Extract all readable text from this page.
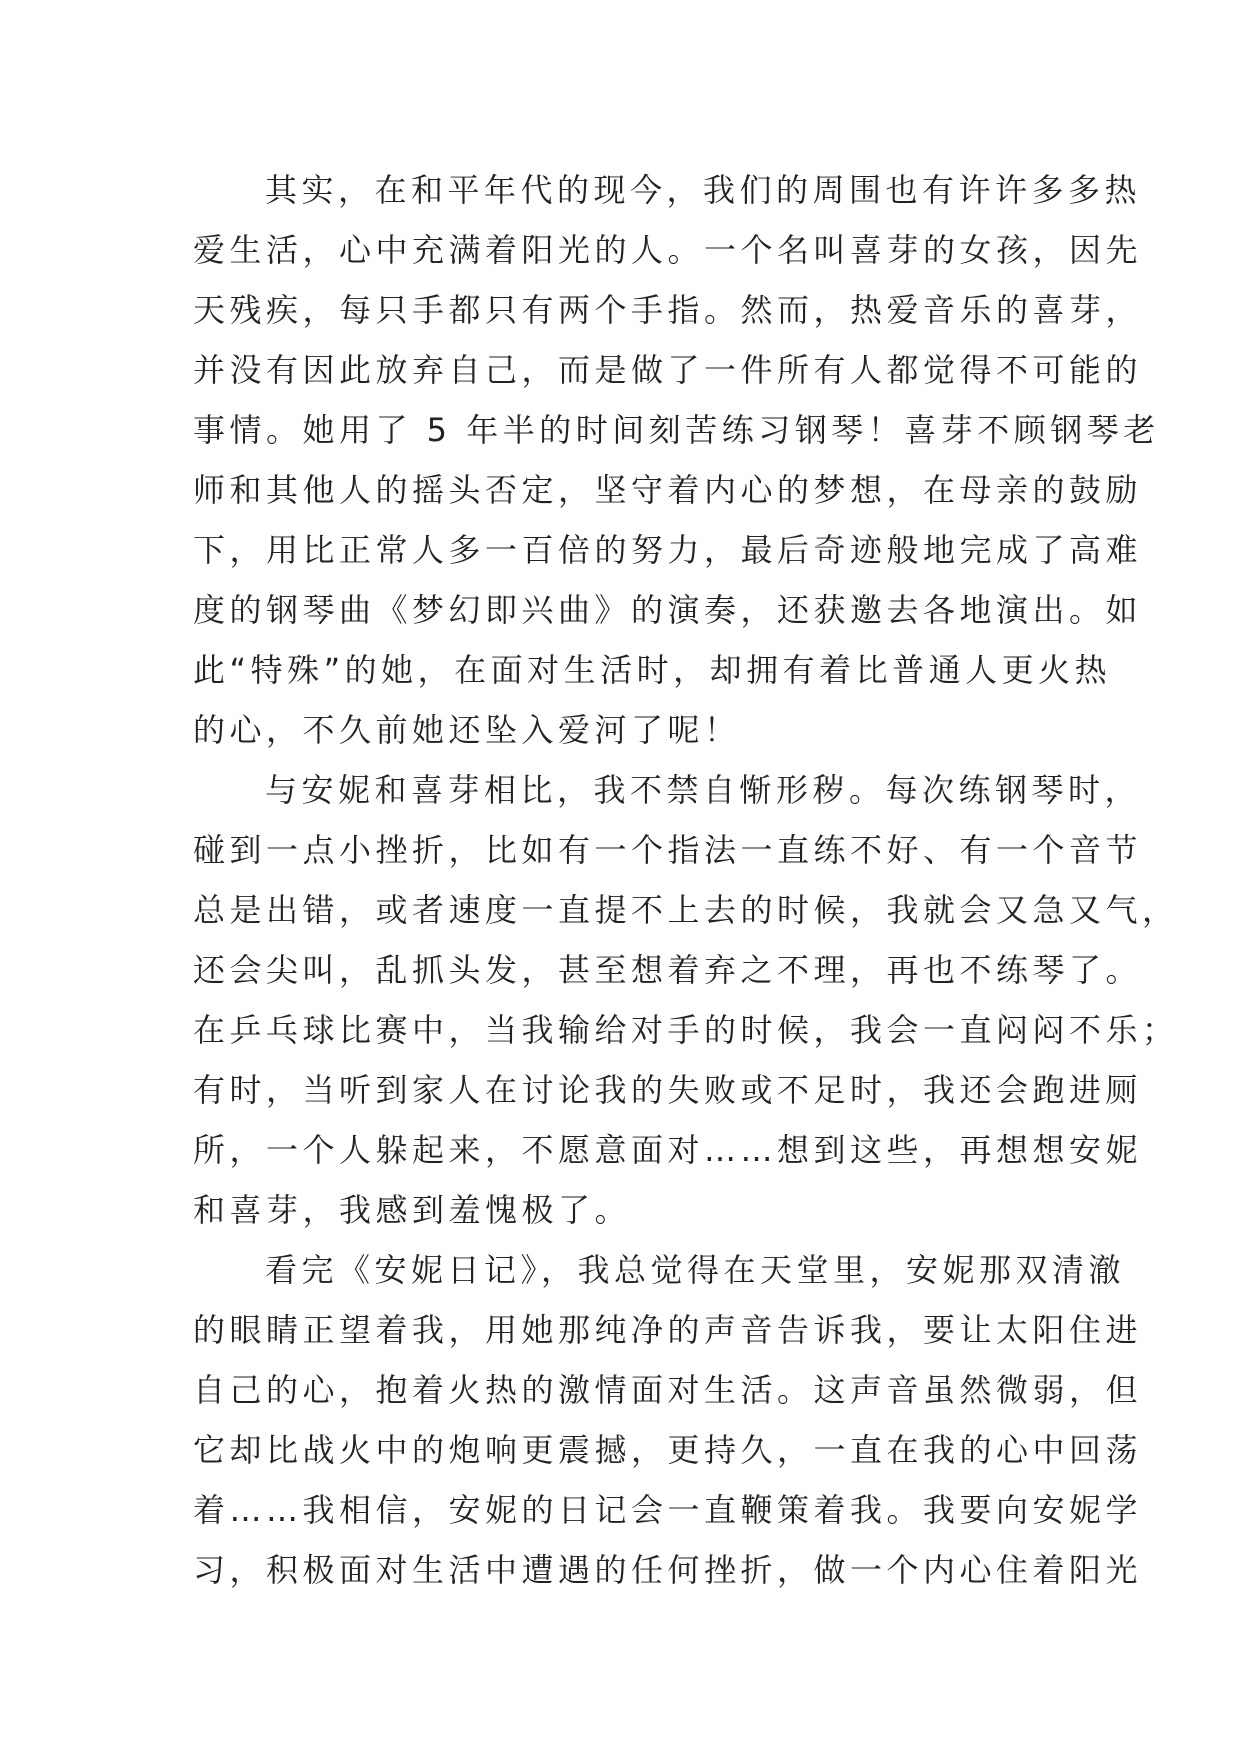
其实，在和平年代的现今，我们的周围也有许许多多热
爱生活，心中充满着阳光的人。一个名叫喜芽的女孩，因先
天残疾，每只手都只有两个手指。然而，热爱音乐的喜芽，
并没有因此放弃自己，而是做了一件所有人都觉得不可能的
事情。她用了 5 年半的时间刻苦练习钢琴！喜芽不顾钢琴老
师和其他人的摇头否定，坚守着内心的梦想，在母亲的鼓励
下，用比正常人多一百倍的努力，最后奇迹般地完成了高难
度的钢琴曲《梦幻即兴曲》的演奏，还获邀去各地演出。如
此“特殊”的她，在面对生活时，却拥有着比普通人更火热
的心，不久前她还坠入爱河了呢！
与安妮和喜芽相比，我不禁自惭形秽。每次练钢琴时，
碰到一点小挫折，比如有一个指法一直练不好、有一个音节
总是出错，或者速度一直提不上去的时候，我就会又急又气，
还会尖叫，乱抓头发，甚至想着弃之不理，再也不练琴了。
在乒乓球比赛中，当我输给对手的时候，我会一直闷闷不乐；
有时，当听到家人在讨论我的失败或不足时，我还会跑进厕
所，一个人躲起来，不愿意面对……想到这些，再想想安妮
和喜芽，我感到羞愧极了。
看完《安妮日记》，我总觉得在天堂里，安妮那双清澈
的眼睛正望着我，用她那纯净的声音告诉我，要让太阳住进
自己的心，抱着火热的激情面对生活。这声音虽然微弱，但
它却比战火中的炮响更震撼，更持久，一直在我的心中回荡
着……我相信，安妮的日记会一直鞭策着我。我要向安妮学
习，积极面对生活中遭遇的任何挫折，做一个内心住着阳光
